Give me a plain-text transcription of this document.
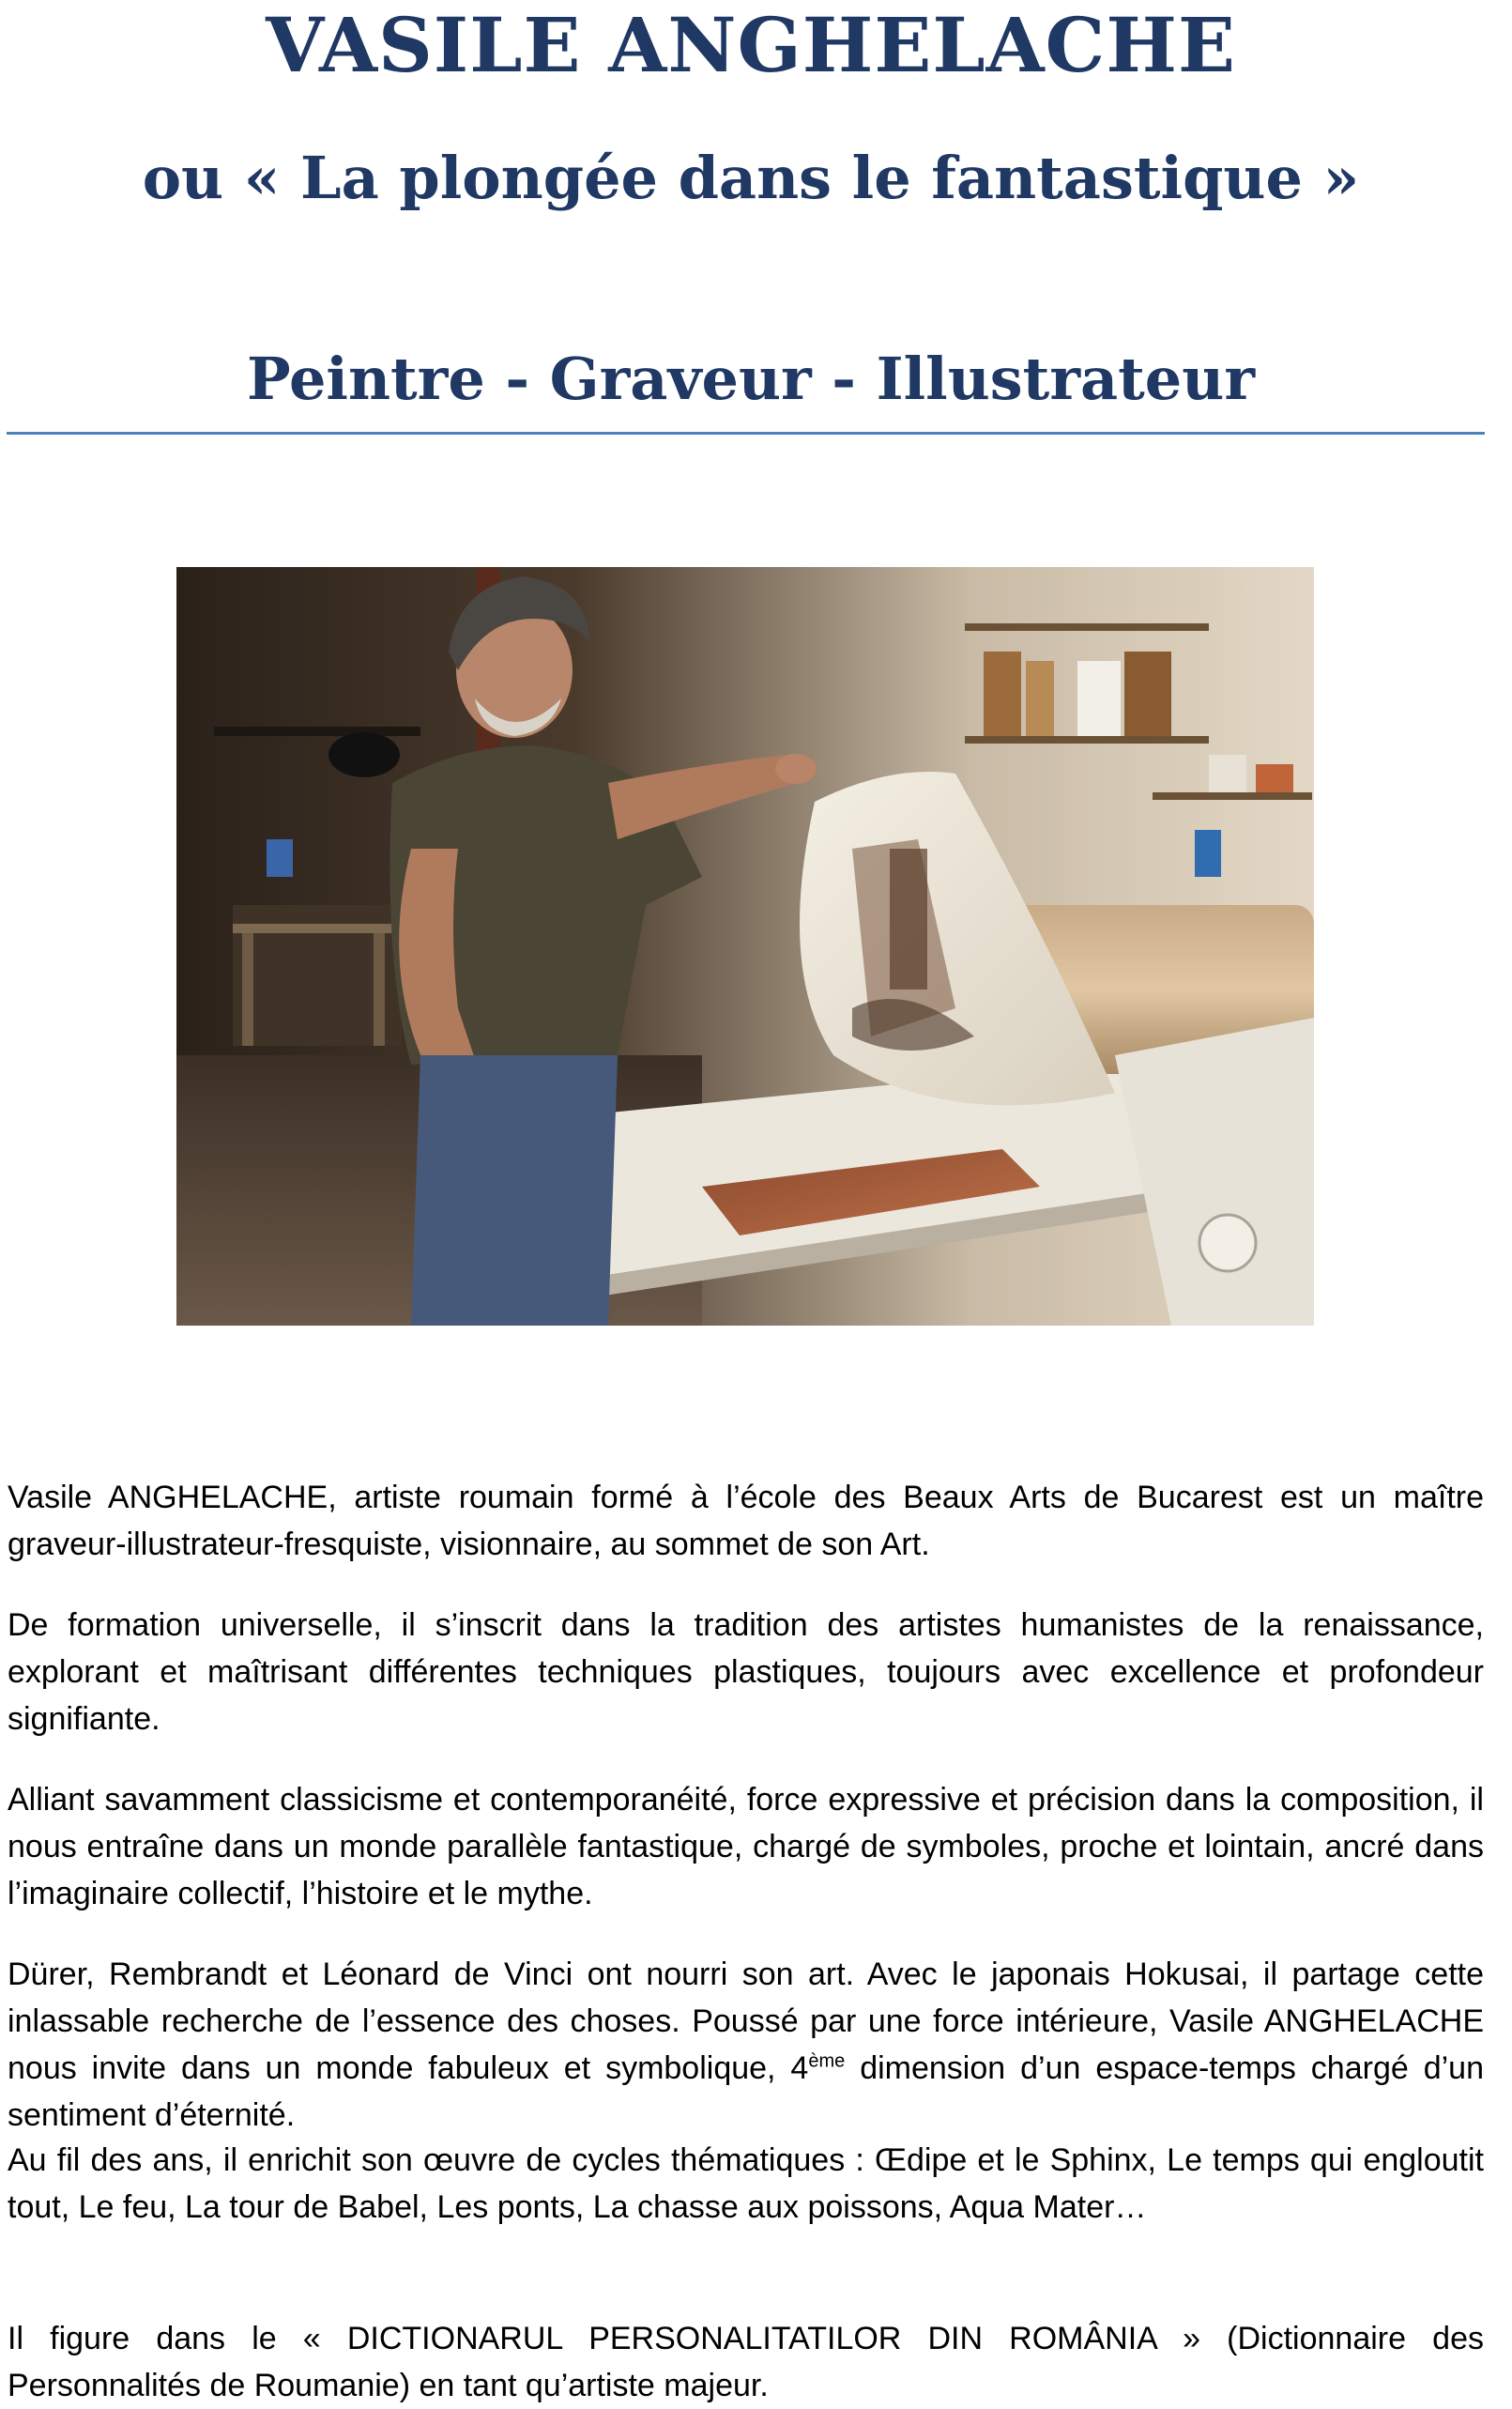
VASILE ANGHELACHE
ou « La plongée dans le fantastique »
Peintre - Graveur - Illustrateur

Vasile ANGHELACHE, artiste roumain formé à l’école des Beaux Arts de Bucarest est un maître graveur-illustrateur-fresquiste, visionnaire, au sommet de son Art.

De formation universelle, il s’inscrit dans la tradition des artistes humanistes de la renaissance, explorant et maîtrisant différentes techniques plastiques, toujours avec excellence et profondeur signifiante.

Alliant savamment classicisme et contemporanéité, force expressive et précision dans la composition, il nous entraîne dans un monde parallèle fantastique, chargé de symboles, proche et lointain, ancré dans l’imaginaire collectif, l’histoire et le mythe.

Dürer, Rembrandt et Léonard de Vinci ont nourri son art. Avec le japonais Hokusai, il partage cette inlassable recherche de l’essence des choses. Poussé par une force intérieure, Vasile ANGHELACHE nous invite dans un monde fabuleux et symbolique, 4ème dimension d’un espace-temps chargé d’un sentiment d’éternité.

Au fil des ans, il enrichit son œuvre de cycles thématiques : Œdipe et le Sphinx, Le temps qui engloutit tout, Le feu, La tour de Babel, Les ponts, La chasse aux poissons, Aqua Mater…

Il figure dans le « DICTIONARUL PERSONALITATILOR DIN ROMÂNIA » (Dictionnaire des Personnalités de Roumanie) en tant qu’artiste majeur.
